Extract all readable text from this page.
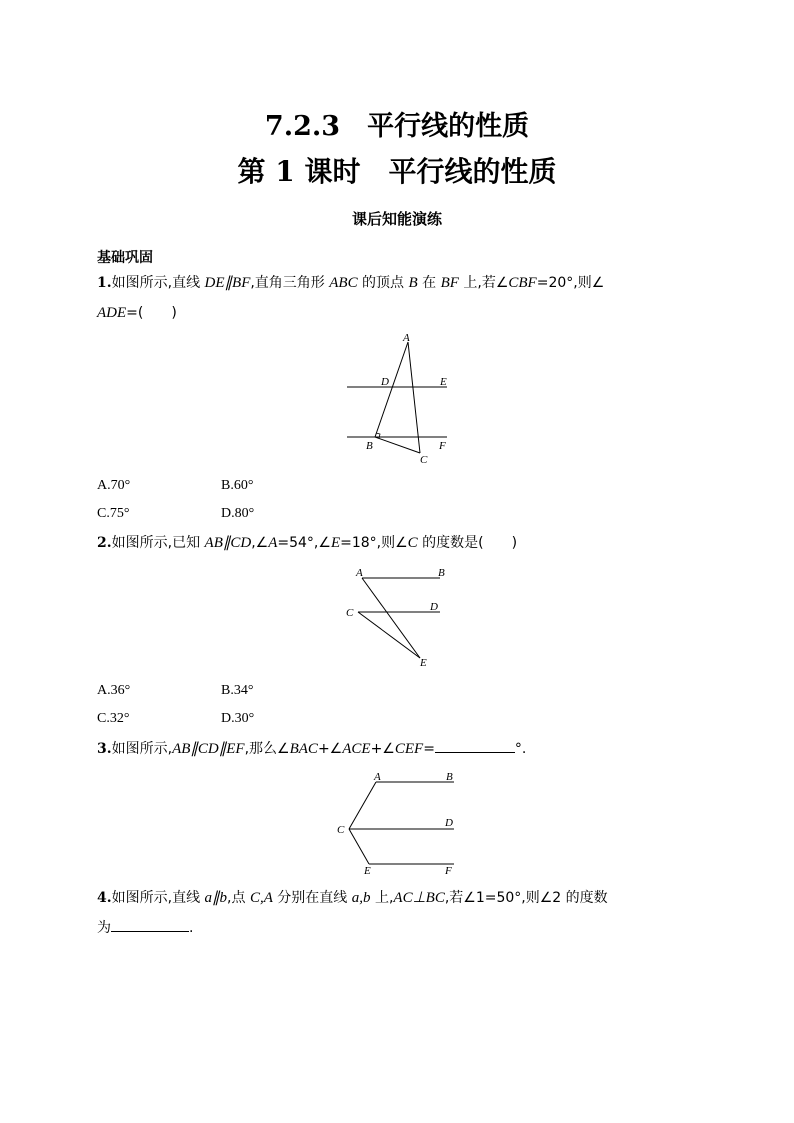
7.2.3　 平行线的性质
第 1 课时　 平行线的性质
课后知能演练
基础巩固
1.如图所示,直线 DE∥BF,直角三角形 ABC 的顶点 B 在 BF 上,若∠CBF=20°,则∠
ADE=(　　)
A
D	E
B	F
C
A.70°	B.60°
C.75°	D.80°
2.如图所示,已知 AB∥CD,∠A=54°,∠E=18°,则∠C 的度数是(　　)
A	B
C	D
E
A.36°	B.34°
C.32°	D.30°
3.如图所示,AB∥CD∥EF,那么∠BAC+∠ACE+∠CEF=	°.
A	B
C
D
E	F
4.如图所示,直线 a∥b,点 C,A 分别在直线 a,b 上,AC⊥BC,若∠1=50°,则∠2 的度数
为	.
